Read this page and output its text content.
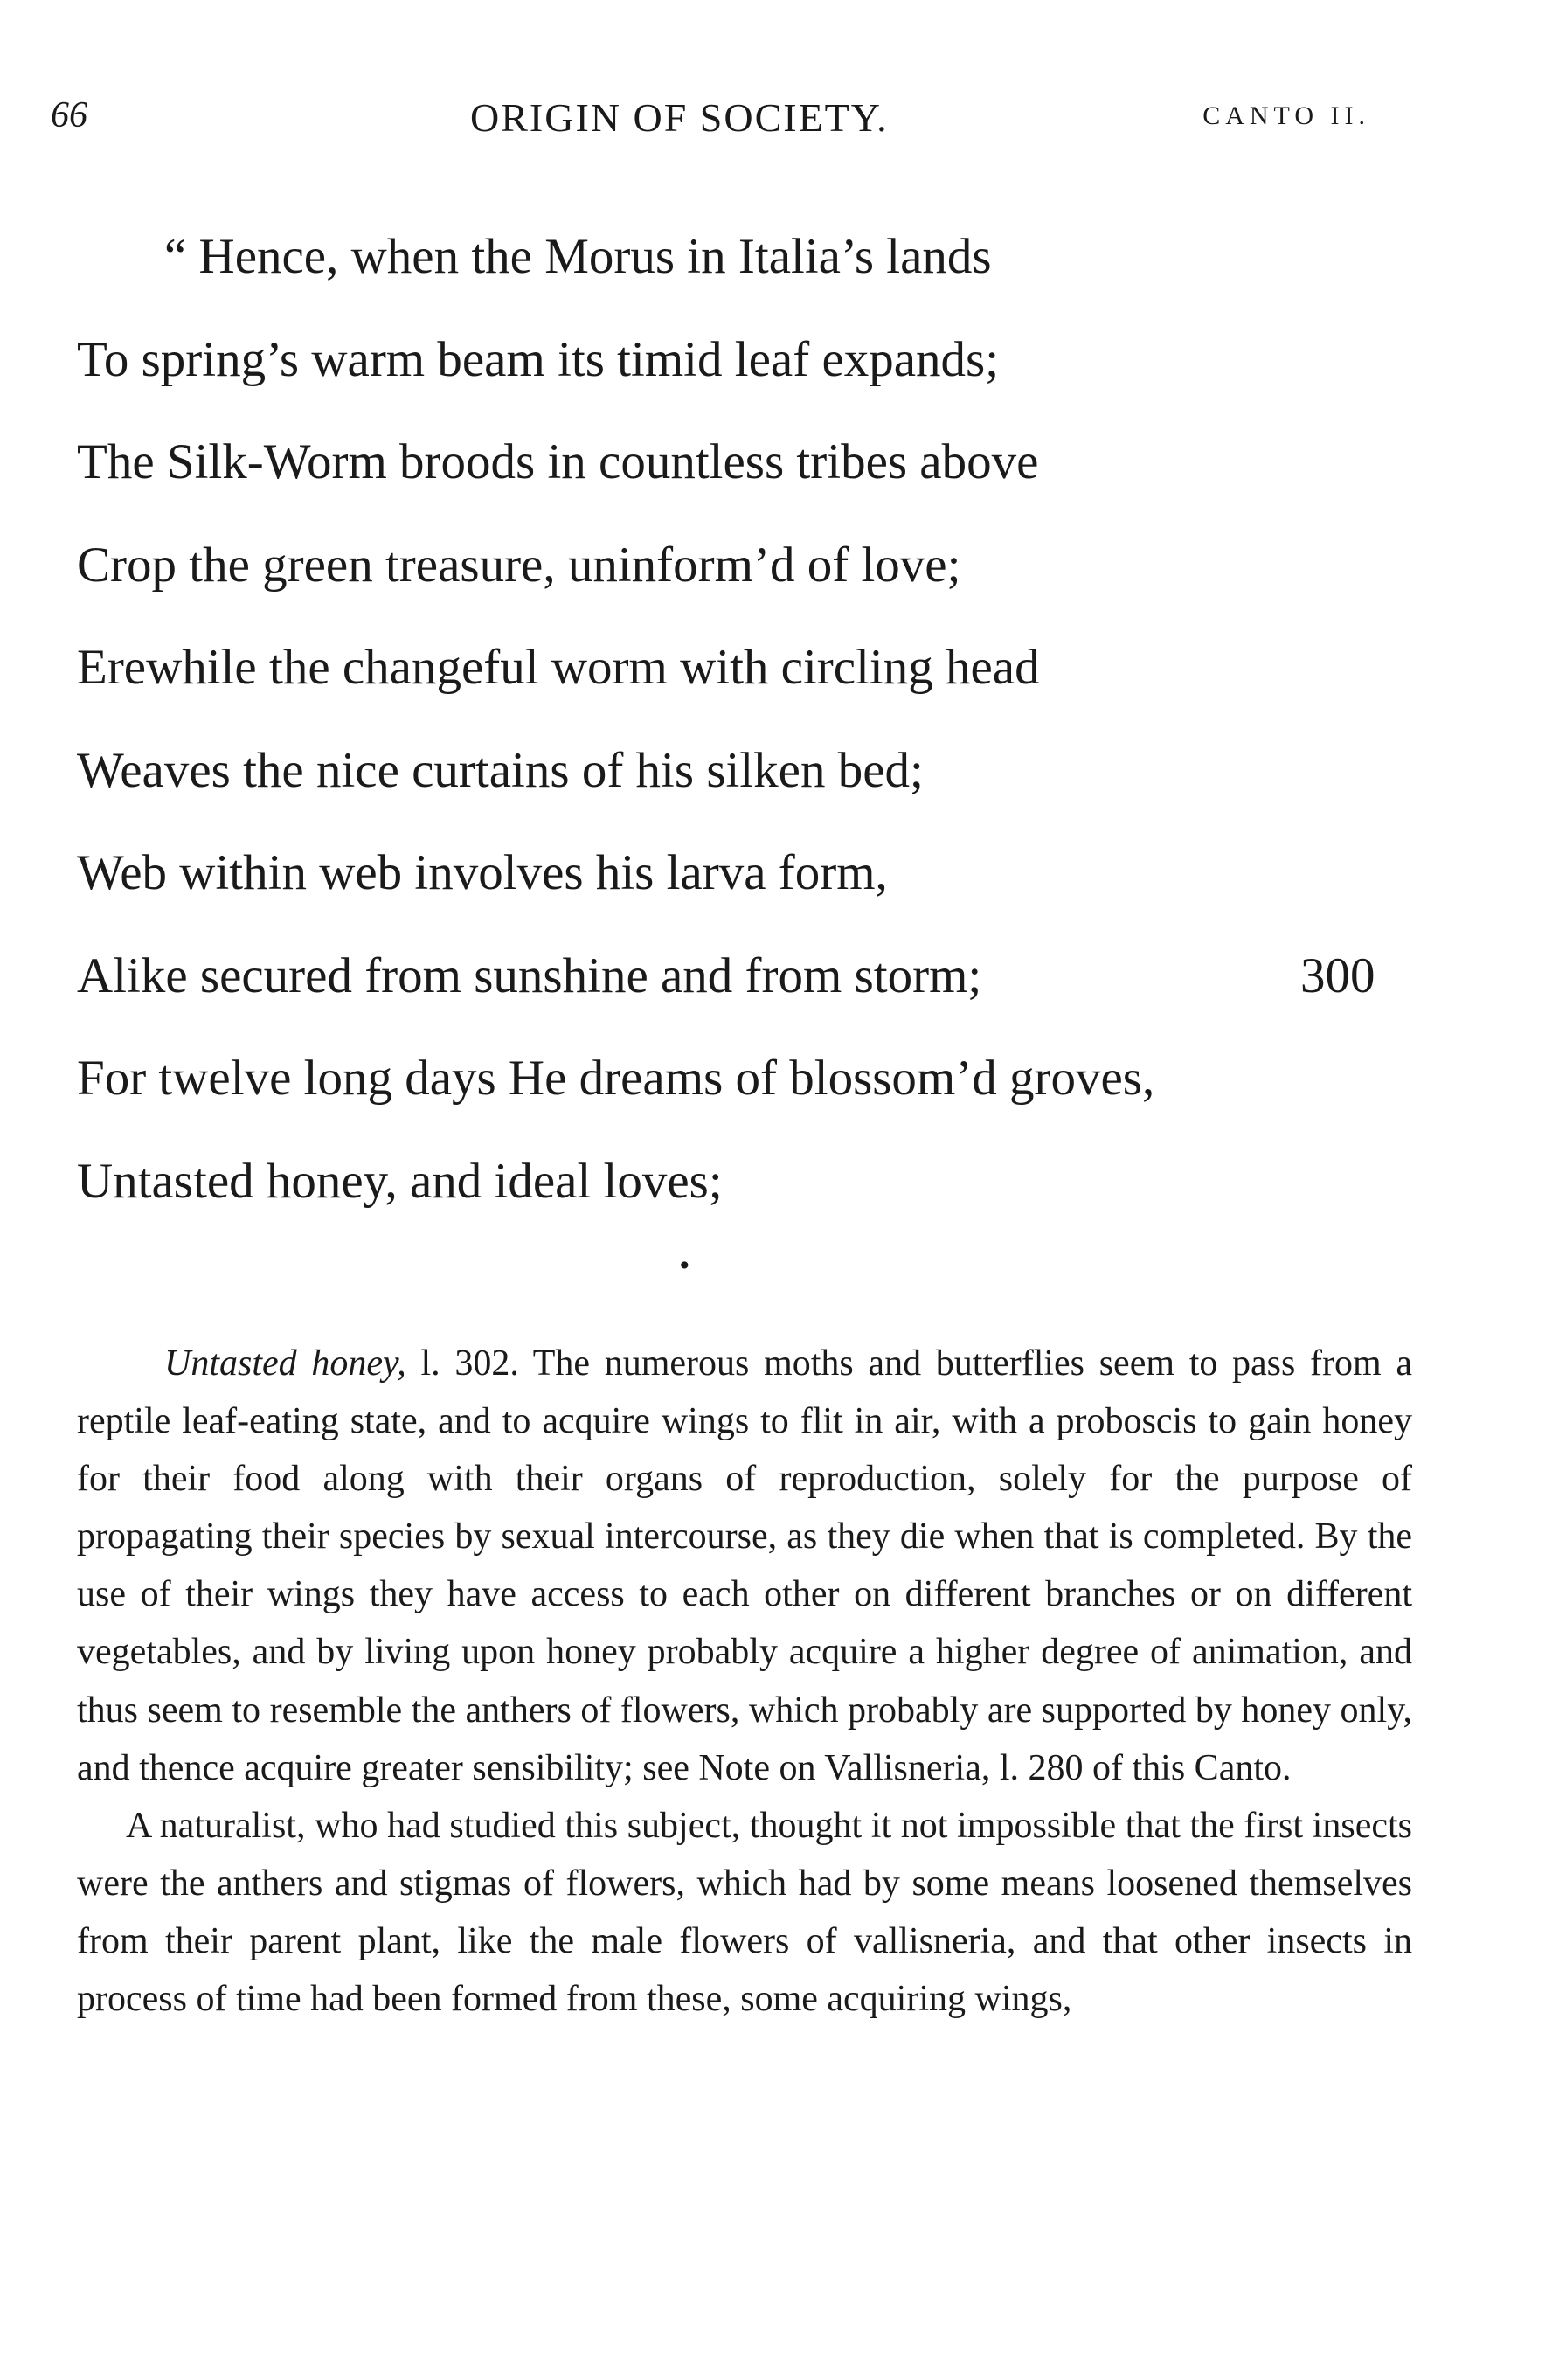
66	ORIGIN OF SOCIETY.	CANTO II.
“ Hence, when the Morus in Italia’s lands
To spring’s warm beam its timid leaf expands;
The Silk-Worm broods in countless tribes above
Crop the green treasure, uninform’d of love;
Erewhile the changeful worm with circling head
Weaves the nice curtains of his silken bed;
Web within web involves his larva form,
Alike secured from sunshine and from storm;	300
For twelve long days He dreams of blossom’d groves,
Untasted honey, and ideal loves;
•

Untasted honey, l. 302. The numerous moths and butterflies seem to pass from a reptile leaf-eating state, and to acquire wings to flit in air, with a proboscis to gain honey for their food along with their organs of reproduction, solely for the purpose of propagating their species by sexual intercourse, as they die when that is completed. By the use of their wings they have access to each other on different branches or on different vegetables, and by living upon honey probably acquire a higher degree of animation, and thus seem to resemble the anthers of flowers, which probably are supported by honey only, and thence acquire greater sensibility; see Note on Vallisneria, l. 280 of this Canto.

A naturalist, who had studied this subject, thought it not impossible that the first insects were the anthers and stigmas of flowers, which had by some means loosened themselves from their parent plant, like the male flowers of vallisneria, and that other insects in process of time had been formed from these, some acquiring wings,
